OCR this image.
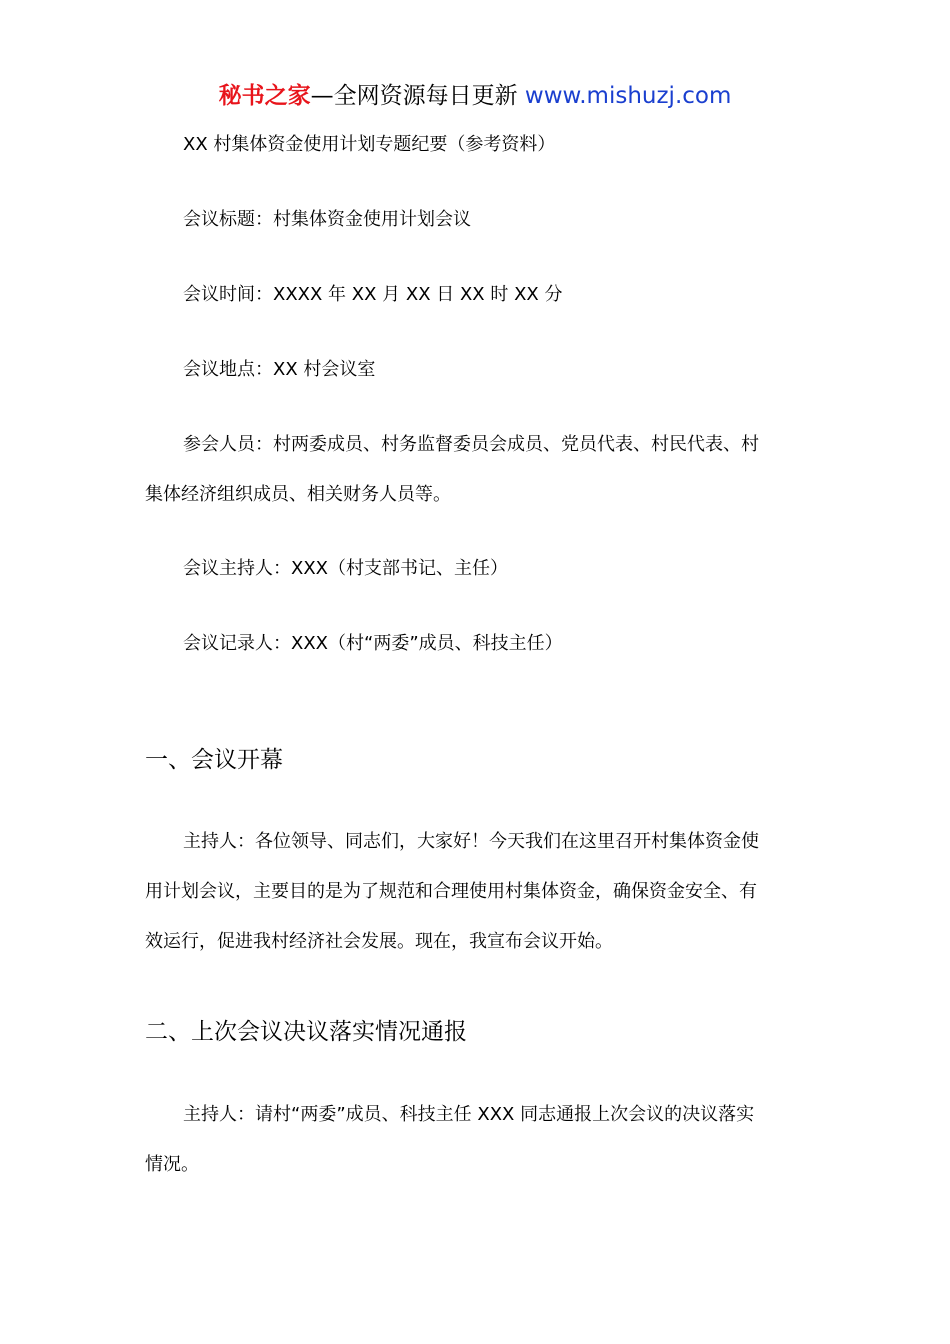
秘书之家—全网资源每日更新 www.mishuzj.com
XX 村集体资金使用计划专题纪要（参考资料）
会议标题：村集体资金使用计划会议
会议时间：XXXX 年 XX 月 XX 日 XX 时 XX 分
会议地点：XX 村会议室
参会人员：村两委成员、村务监督委员会成员、党员代表、村民代表、村
集体经济组织成员、相关财务人员等。
会议主持人：XXX（村支部书记、主任）
会议记录人：XXX（村“两委”成员、科技主任）
一、会议开幕
主持人：各位领导、同志们，大家好！今天我们在这里召开村集体资金使
用计划会议，主要目的是为了规范和合理使用村集体资金，确保资金安全、有
效运行，促进我村经济社会发展。现在，我宣布会议开始。
二、上次会议决议落实情况通报
主持人：请村“两委”成员、科技主任 XXX 同志通报上次会议的决议落实
情况。
